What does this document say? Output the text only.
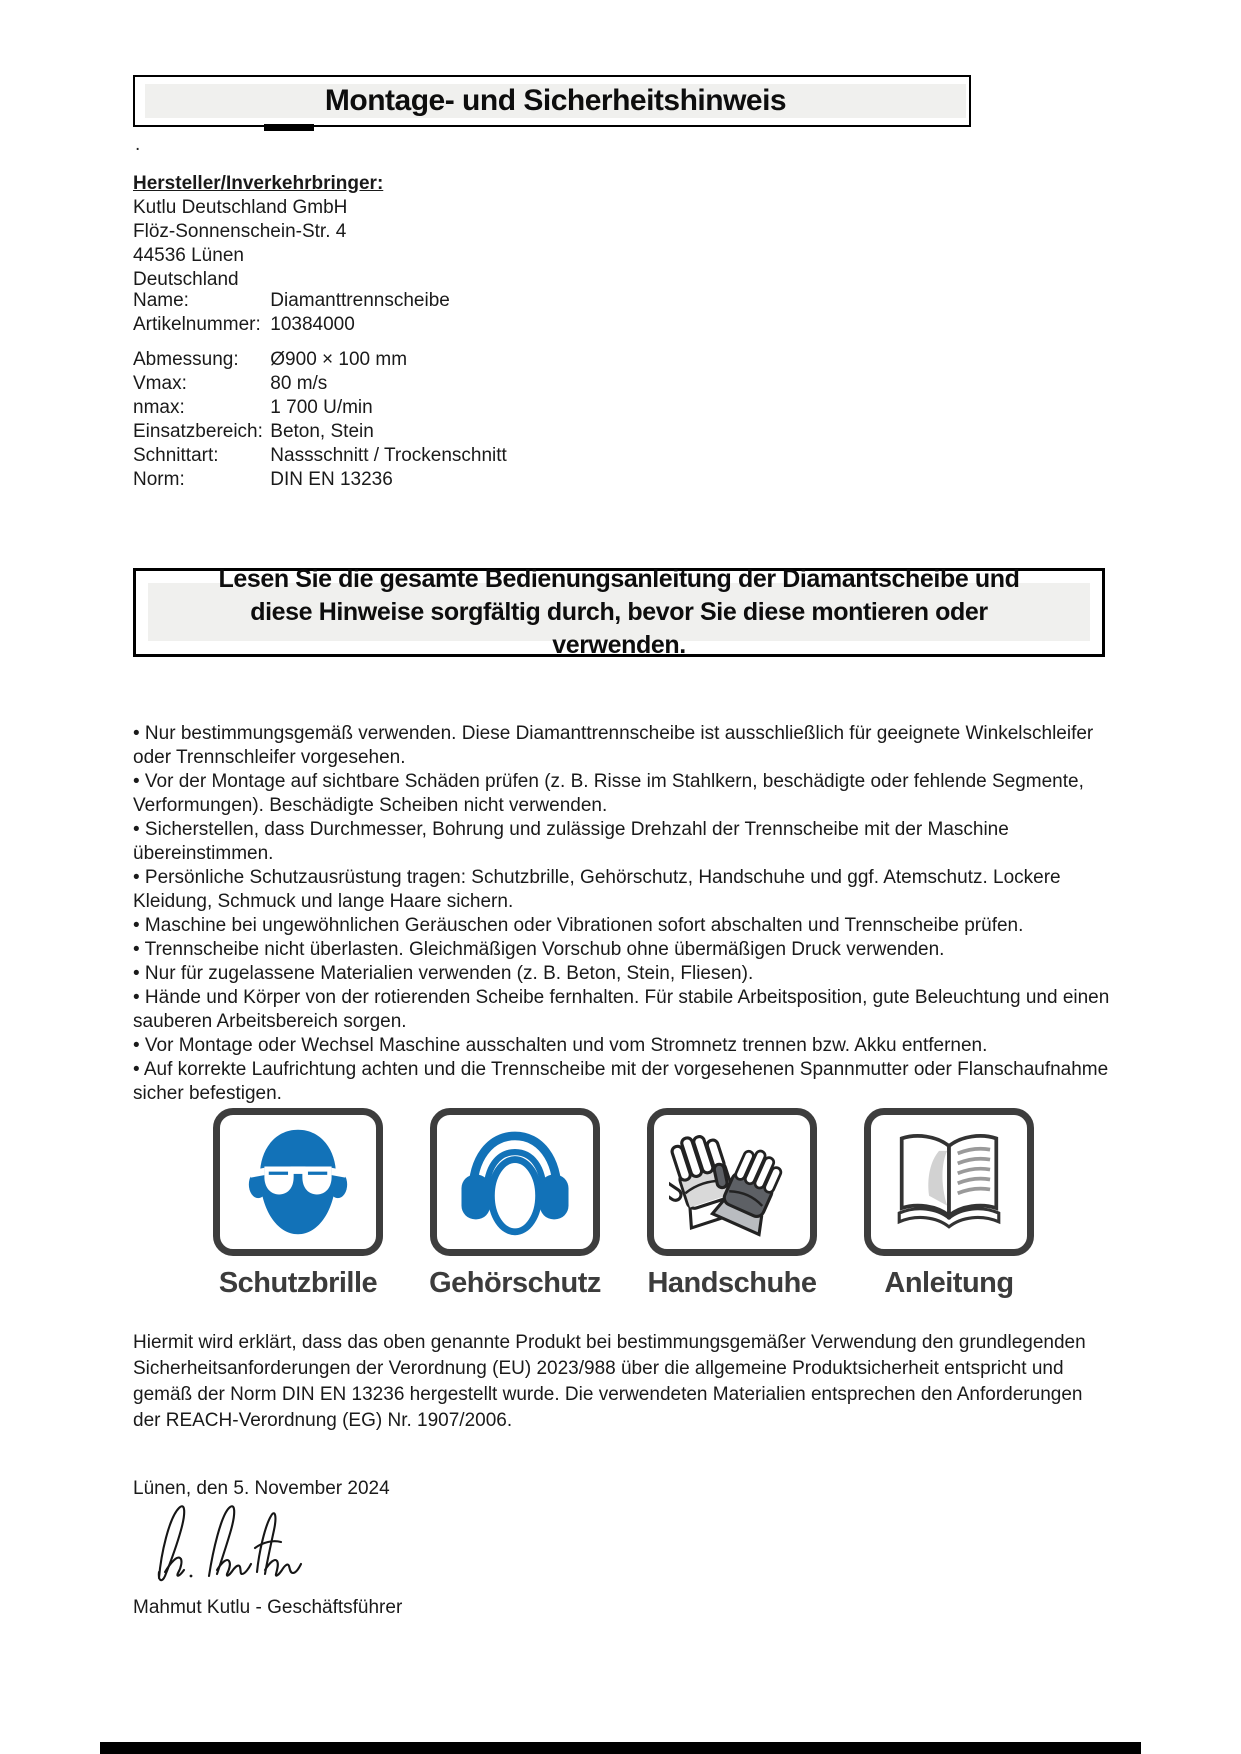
Montage- und Sicherheitshinweis
.
Hersteller/Inverkehrbringer:
Kutlu Deutschland GmbH
Flöz-Sonnenschein-Str. 4
44536 Lünen
Deutschland
Name:	Diamanttrennscheibe
Artikelnummer: 10384000
Abmessung: Ø900 × 100 mm
Vmax:	80 m/s
nmax:	1 700 U/min
Einsatzbereich: Beton, Stein
Schnittart:	Nassschnitt / Trockenschnitt
Norm:	DIN EN 13236

Lesen Sie die gesamte Bedienungsanleitung der Diamantscheibe und diese Hinweise sorgfältig durch, bevor Sie diese montieren oder verwenden.

• Nur bestimmungsgemäß verwenden. Diese Diamanttrennscheibe ist ausschließlich für geeignete Winkelschleifer oder Trennschleifer vorgesehen.
• Vor der Montage auf sichtbare Schäden prüfen (z. B. Risse im Stahlkern, beschädigte oder fehlende Segmente, Verformungen). Beschädigte Scheiben nicht verwenden.
• Sicherstellen, dass Durchmesser, Bohrung und zulässige Drehzahl der Trennscheibe mit der Maschine übereinstimmen.
• Persönliche Schutzausrüstung tragen: Schutzbrille, Gehörschutz, Handschuhe und ggf. Atemschutz. Lockere Kleidung, Schmuck und lange Haare sichern.
• Maschine bei ungewöhnlichen Geräuschen oder Vibrationen sofort abschalten und Trennscheibe prüfen.
• Trennscheibe nicht überlasten. Gleichmäßigen Vorschub ohne übermäßigen Druck verwenden.
• Nur für zugelassene Materialien verwenden (z. B. Beton, Stein, Fliesen).
• Hände und Körper von der rotierenden Scheibe fernhalten. Für stabile Arbeitsposition, gute Beleuchtung und einen sauberen Arbeitsbereich sorgen.
• Vor Montage oder Wechsel Maschine ausschalten und vom Stromnetz trennen bzw. Akku entfernen.
• Auf korrekte Laufrichtung achten und die Trennscheibe mit der vorgesehenen Spannmutter oder Flanschaufnahme sicher befestigen.
Schutzbrille Gehörschutz Handschuhe Anleitung
Hiermit wird erklärt, dass das oben genannte Produkt bei bestimmungsgemäßer Verwendung den grundlegenden Sicherheitsanforderungen der Verordnung (EU) 2023/988 über die allgemeine Produktsicherheit entspricht und gemäß der Norm DIN EN 13236 hergestellt wurde. Die verwendeten Materialien entsprechen den Anforderungen der REACH-Verordnung (EG) Nr. 1907/2006.
Lünen, den 5. November 2024
Mahmut Kutlu - Geschäftsführer
